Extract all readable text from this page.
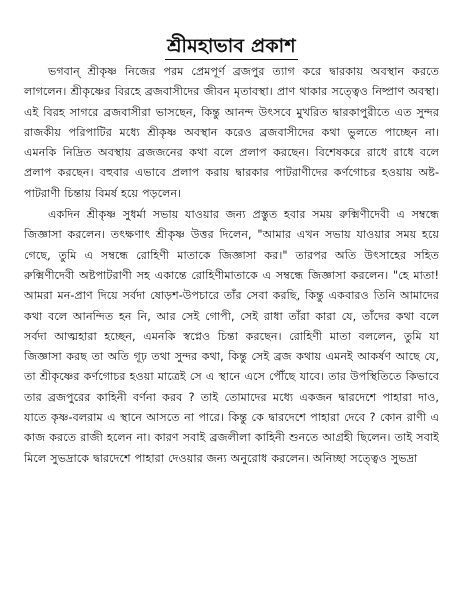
শ্রীমহাভাব প্রকাশ

ভগবান্ শ্রীকৃষ্ণ নিজের পরম প্রেমপূর্ণ ব্রজপুর ত্যাগ করে দ্বারকায় অবস্থান করতে লাগলেন। শ্রীকৃষ্ণের বিরহে ব্রজবাসীদের জীবন মৃতাবস্থা। প্রাণ থাকার সত্ত্বেও নিষ্প্রাণ অবস্থা। এই বিরহ সাগরে ব্রজবাসীরা ভাসছেন, কিন্তু আনন্দ উৎসবে মুখরিত দ্বারকাপুরীতে এত সুন্দর রাজকীয় পরিপাটির মধ্যে শ্রীকৃষ্ণ অবস্থান করেও ব্রজবাসীদের কথা ভুলতে পাচ্ছেন না। এমনকি নিদ্রিত অবস্থায় ব্রজজনের কথা বলে প্রলাপ করছেন। বিশেষকরে রাধে রাধে বলে প্রলাপ করছেন। বহুবার এভাবে প্রলাপ করায় দ্বারকার পাটরাণীদের কর্ণগোচর হওয়ায় অষ্ট-পাটরাণী চিন্তায় বিমর্ষ হয়ে পড়লেন।

একদিন শ্রীকৃষ্ণ সুধর্মা সভায় যাওয়ার জন্য প্রস্তুত হবার সময় রুক্মিণীদেবী এ সম্বন্ধে জিজ্ঞাসা করলেন। তৎক্ষণাৎ শ্রীকৃষ্ণ উত্তর দিলেন, "আমার এখন সভায় যাওয়ার সময় হয়ে গেছে, তুমি এ সম্বন্ধে রোহিণী মাতাকে জিজ্ঞাসা কর।" তারপর অতি উৎসাহের সহিত রুক্মিণীদেবী অষ্টপাটরাণী সহ একান্তে রোহিণীমাতাকে এ সম্বন্ধে জিজ্ঞাসা করলেন। "হে মাতা! আমরা মন-প্রাণ দিয়ে সর্বদা ষোড়শ-উপচারে তাঁর সেবা করছি, কিন্তু একবারও তিনি আমাদের কথা বলে আনন্দিত হন নি, আর সেই গোপী, সেই রাধা তাঁরা কারা যে, তাঁদের কথা বলে সর্বদা আত্মহারা হচ্ছেন, এমনকি স্বপ্নেও চিন্তা করছেন। রোহিণী মাতা বললেন, তুমি যা জিজ্ঞাসা করছ তা অতি গূঢ় তথা সুন্দর কথা, কিন্তু সেই ব্রজ কথায় এমনই আকর্ষণ আছে যে, তা শ্রীকৃষ্ণের কর্ণগোচর হওয়া মাত্রেই সে এ স্থানে এসে পৌঁছে যাবে। তার উপস্থিতিতে কিভাবে তার ব্রজপুরের কাহিনী বর্ণনা করব ? তাই তোমাদের মধ্যে একজন দ্বারদেশে পাহারা দাও, যাতে কৃষ্ণ-বলরাম এ স্থানে আসতে না পারে। কিন্তু কে দ্বারদেশে পাহারা দেবে ? কোন রাণী এ কাজ করতে রাজী হলেন না। কারণ সবাই ব্রজলীলা কাহিনী শুনতে আগ্রহী ছিলেন। তাই সবাই মিলে সুভদ্রাকে দ্বারদেশে পাহারা দেওয়ার জন্য অনুরোধ করলেন। অনিচ্ছা সত্ত্বেও সুভদ্রা
